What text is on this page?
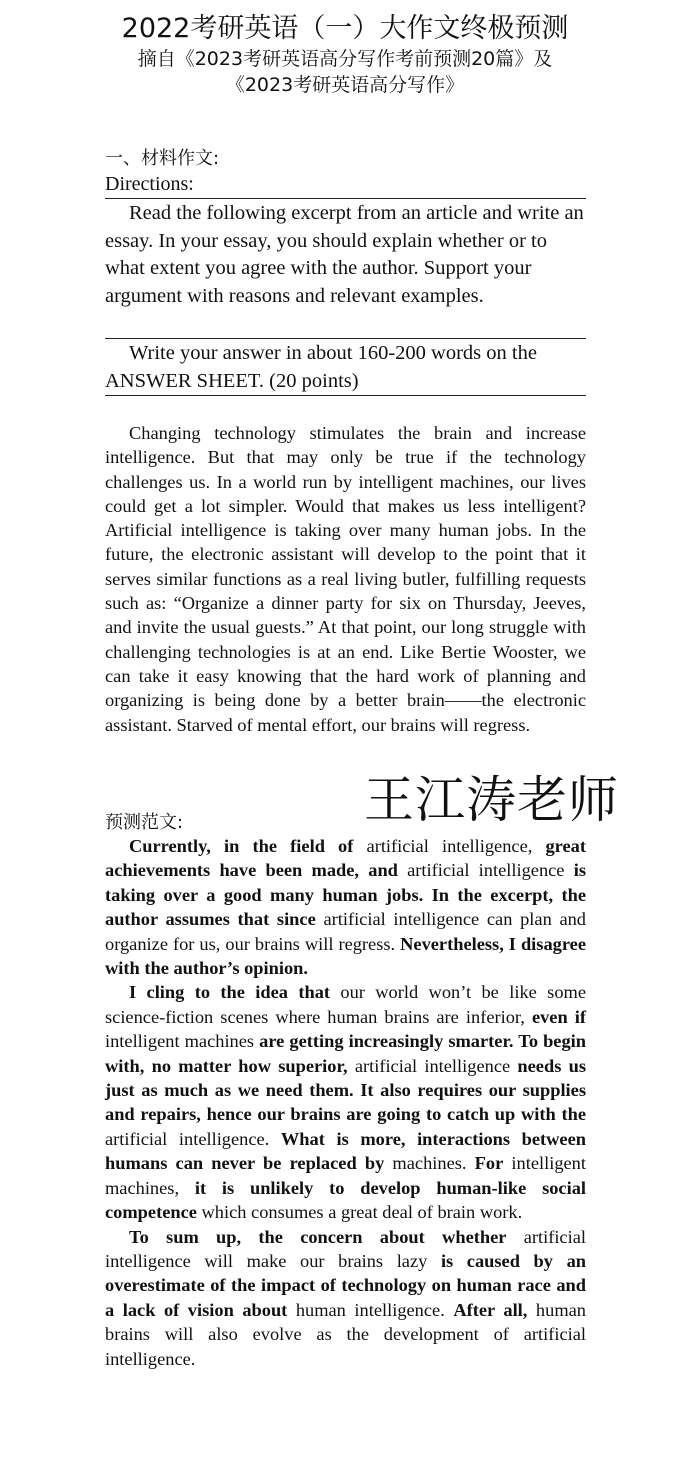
2022考研英语（一）大作文终极预测
摘自《2023考研英语高分写作考前预测20篇》及
《2023考研英语高分写作》
一、材料作文:
Directions:

Read the following excerpt from an article and write an essay. In your essay, you should explain whether or to what extent you agree with the author. Support your argument with reasons and relevant examples.

Write your answer in about 160-200 words on the ANSWER SHEET. (20 points)

Changing technology stimulates the brain and increase intelligence. But that may only be true if the technology challenges us. In a world run by intelligent machines, our lives could get a lot simpler. Would that makes us less intelligent? Artificial intelligence is taking over many human jobs. In the future, the electronic assistant will develop to the point that it serves similar functions as a real living butler, fulfilling requests such as: “Organize a dinner party for six on Thursday, Jeeves, and invite the usual guests.” At that point, our long struggle with challenging technologies is at an end. Like Bertie Wooster, we can take it easy knowing that the hard work of planning and organizing is being done by a better brain——the electronic assistant. Starved of mental effort, our brains will regress.

王江涛老师
预测范文:

Currently, in the field of artificial intelligence, great achievements have been made, and artificial intelligence is taking over a good many human jobs. In the excerpt, the author assumes that since artificial intelligence can plan and organize for us, our brains will regress. Nevertheless, I disagree with the author’s opinion.

I cling to the idea that our world won’t be like some science-fiction scenes where human brains are inferior, even if intelligent machines are getting increasingly smarter. To begin with, no matter how superior, artificial intelligence needs us just as much as we need them. It also requires our supplies and repairs, hence our brains are going to catch up with the artificial intelligence. What is more, interactions between humans can never be replaced by machines. For intelligent machines, it is unlikely to develop human-like social competence which consumes a great deal of brain work.

To sum up, the concern about whether artificial intelligence will make our brains lazy is caused by an overestimate of the impact of technology on human race and a lack of vision about human intelligence. After all, human brains will also evolve as the development of artificial intelligence.
